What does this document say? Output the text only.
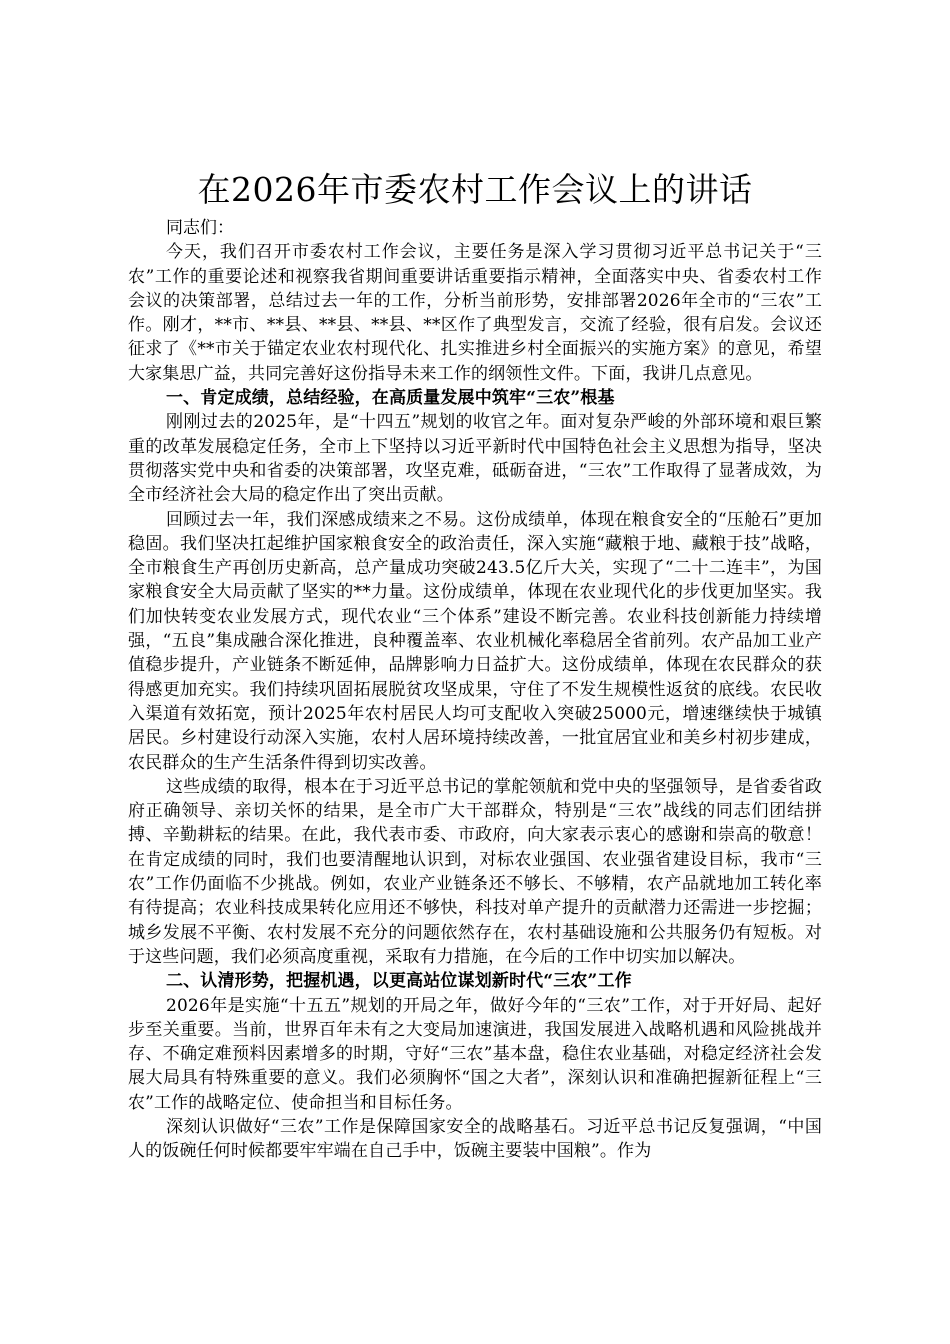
在2026年市委农村工作会议上的讲话

同志们：

今天，我们召开市委农村工作会议，主要任务是深入学习贯彻习近平总书记关于“三农”工作的重要论述和视察我省期间重要讲话重要指示精神，全面落实中央、省委农村工作会议的决策部署，总结过去一年的工作，分析当前形势，安排部署2026年全市的“三农”工作。刚才，**市、**县、**县、**县、**区作了典型发言，交流了经验，很有启发。会议还征求了《**市关于锚定农业农村现代化、扎实推进乡村全面振兴的实施方案》的意见，希望大家集思广益，共同完善好这份指导未来工作的纲领性文件。下面，我讲几点意见。

一、肯定成绩，总结经验，在高质量发展中筑牢“三农”根基

刚刚过去的2025年，是“十四五”规划的收官之年。面对复杂严峻的外部环境和艰巨繁重的改革发展稳定任务，全市上下坚持以习近平新时代中国特色社会主义思想为指导，坚决贯彻落实党中央和省委的决策部署，攻坚克难，砥砺奋进，“三农”工作取得了显著成效，为全市经济社会大局的稳定作出了突出贡献。

回顾过去一年，我们深感成绩来之不易。这份成绩单，体现在粮食安全的“压舱石”更加稳固。我们坚决扛起维护国家粮食安全的政治责任，深入实施“藏粮于地、藏粮于技”战略，全市粮食生产再创历史新高，总产量成功突破243.5亿斤大关，实现了“二十二连丰”，为国家粮食安全大局贡献了坚实的**力量。这份成绩单，体现在农业现代化的步伐更加坚实。我们加快转变农业发展方式，现代农业“三个体系”建设不断完善。农业科技创新能力持续增强，“五良”集成融合深化推进，良种覆盖率、农业机械化率稳居全省前列。农产品加工业产值稳步提升，产业链条不断延伸，品牌影响力日益扩大。这份成绩单，体现在农民群众的获得感更加充实。我们持续巩固拓展脱贫攻坚成果，守住了不发生规模性返贫的底线。农民收入渠道有效拓宽，预计2025年农村居民人均可支配收入突破25000元，增速继续快于城镇居民。乡村建设行动深入实施，农村人居环境持续改善，一批宜居宜业和美乡村初步建成，农民群众的生产生活条件得到切实改善。

这些成绩的取得，根本在于习近平总书记的掌舵领航和党中央的坚强领导，是省委省政府正确领导、亲切关怀的结果，是全市广大干部群众，特别是“三农”战线的同志们团结拼搏、辛勤耕耘的结果。在此，我代表市委、市政府，向大家表示衷心的感谢和崇高的敬意！在肯定成绩的同时，我们也要清醒地认识到，对标农业强国、农业强省建设目标，我市“三农”工作仍面临不少挑战。例如，农业产业链条还不够长、不够精，农产品就地加工转化率有待提高；农业科技成果转化应用还不够快，科技对单产提升的贡献潜力还需进一步挖掘；城乡发展不平衡、农村发展不充分的问题依然存在，农村基础设施和公共服务仍有短板。对于这些问题，我们必须高度重视，采取有力措施，在今后的工作中切实加以解决。

二、认清形势，把握机遇，以更高站位谋划新时代“三农”工作

2026年是实施“十五五”规划的开局之年，做好今年的“三农”工作，对于开好局、起好步至关重要。当前，世界百年未有之大变局加速演进，我国发展进入战略机遇和风险挑战并存、不确定难预料因素增多的时期，守好“三农”基本盘，稳住农业基础，对稳定经济社会发展大局具有特殊重要的意义。我们必须胸怀“国之大者”，深刻认识和准确把握新征程上“三农”工作的战略定位、使命担当和目标任务。

深刻认识做好“三农”工作是保障国家安全的战略基石。习近平总书记反复强调，“中国人的饭碗任何时候都要牢牢端在自己手中，饭碗主要装中国粮”。作为
